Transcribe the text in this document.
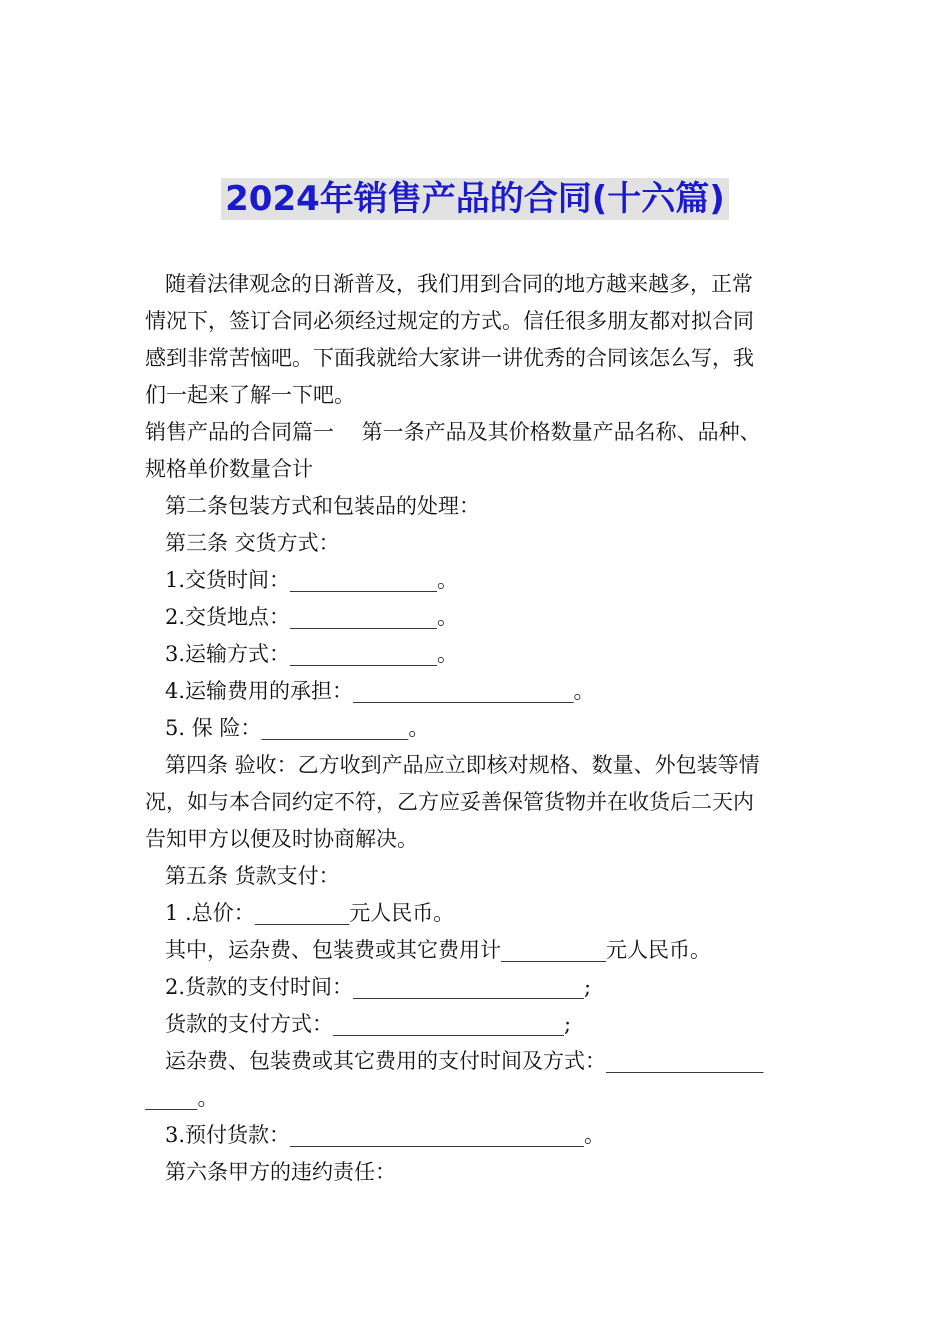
2024年销售产品的合同(十六篇)

随着法律观念的日渐普及，我们用到合同的地方越来越多，正常

情况下，签订合同必须经过规定的方式。信任很多朋友都对拟合同

感到非常苦恼吧。下面我就给大家讲一讲优秀的合同该怎么写，我

们一起来了解一下吧。

销售产品的合同篇一　 第一条产品及其价格数量产品名称、品种、

规格单价数量合计

第二条包装方式和包装品的处理：

第三条 交货方式：

1.交货时间：______________。

2.交货地点：______________。

3.运输方式：______________。

4.运输费用的承担：_____________________。

5. 保 险：______________。

第四条 验收：乙方收到产品应立即核对规格、数量、外包装等情

况，如与本合同约定不符，乙方应妥善保管货物并在收货后二天内

告知甲方以便及时协商解决。

第五条 货款支付：

1 .总价：_________元人民币。

其中，运杂费、包装费或其它费用计__________元人民币。

2.货款的支付时间：______________________;

货款的支付方式：______________________;

运杂费、包装费或其它费用的支付时间及方式：_______________

_____。

3.预付货款：____________________________。

第六条甲方的违约责任：
